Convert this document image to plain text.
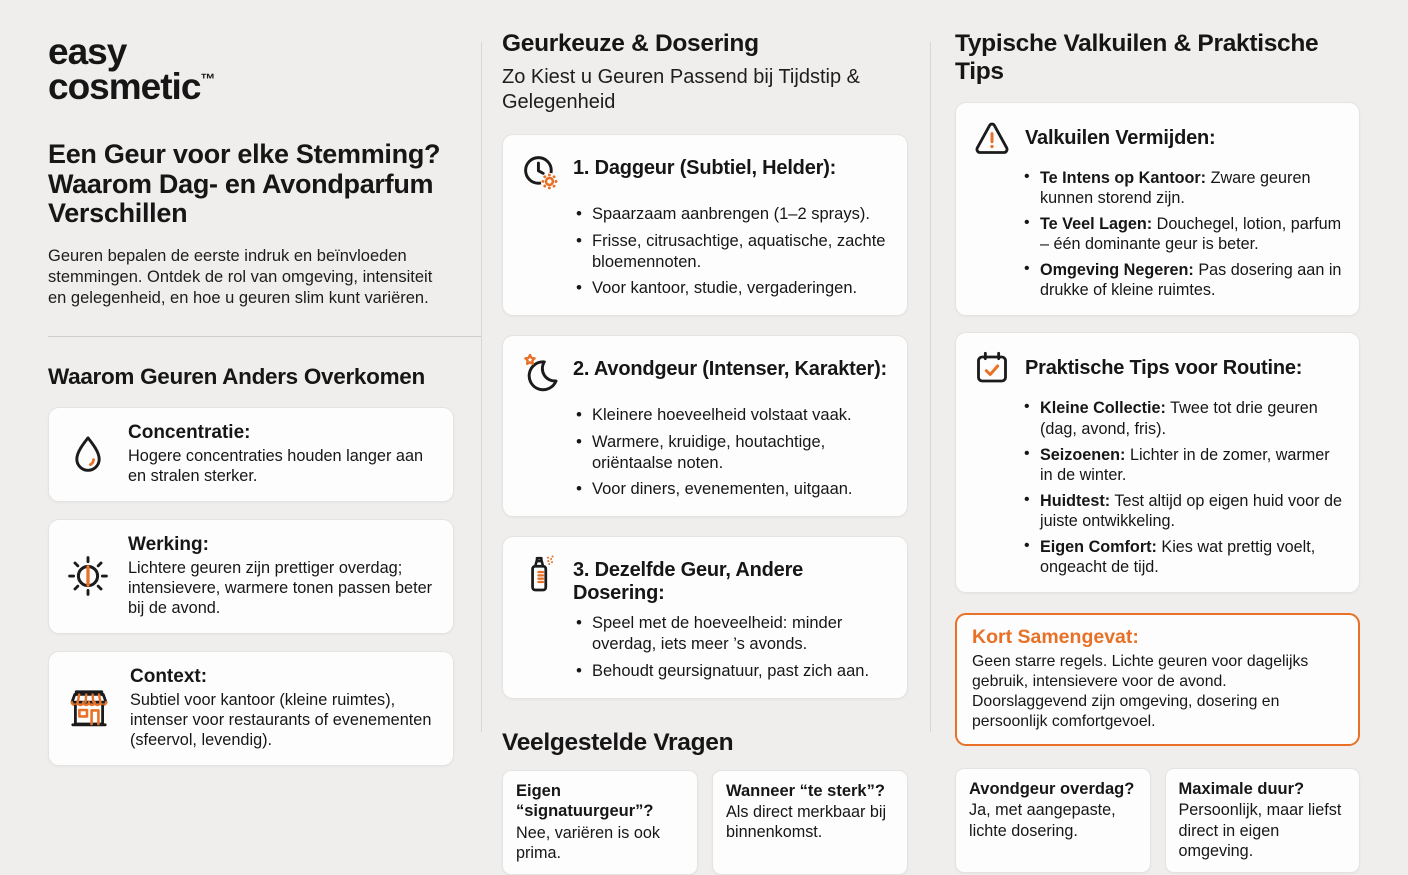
easy
cosmetic™
Een Geur voor elke Stemming? Waarom Dag- en Avondparfum Verschillen

Geuren bepalen de eerste indruk en beïnvloeden stemmingen. Ontdek de rol van omgeving, intensiteit en gelegenheid, en hoe u geuren slim kunt variëren.

Waarom Geuren Anders Overkomen
Concentratie:

Hogere concentraties houden langer aan en stralen sterker.

Werking:

Lichtere geuren zijn prettiger overdag; intensievere, warmere tonen passen beter bij de avond.

Context:

Subtiel voor kantoor (kleine ruimtes), intenser voor restaurants of evenementen (sfeervol, levendig).

Geurkeuze & Dosering

Zo Kiest u Geuren Passend bij Tijdstip & Gelegenheid

1. Daggeur (Subtiel, Helder):
• Spaarzaam aanbrengen (1–2 sprays).
• Frisse, citrusachtige, aquatische, zachte bloemennoten.
• Voor kantoor, studie, vergaderingen.
2. Avondgeur (Intenser, Karakter):
• Kleinere hoeveelheid volstaat vaak.
• Warmere, kruidige, houtachtige, oriëntaalse noten.
• Voor diners, evenementen, uitgaan.
3. Dezelfde Geur, Andere Dosering:
• Speel met de hoeveelheid: minder overdag, iets meer ’s avonds.
• Behoudt geursignatuur, past zich aan.
Veelgestelde Vragen
Eigen “signatuurgeur”?
Nee, variëren is ook prima.
Wanneer “te sterk”?
Als direct merkbaar bij binnenkomst.
Typische Valkuilen & Praktische Tips
Valkuilen Vermijden:
• Te Intens op Kantoor: Zware geuren kunnen storend zijn.
• Te Veel Lagen: Douchegel, lotion, parfum – één dominante geur is beter.
• Omgeving Negeren: Pas dosering aan in drukke of kleine ruimtes.
Praktische Tips voor Routine:
• Kleine Collectie: Twee tot drie geuren (dag, avond, fris).
• Seizoenen: Lichter in de zomer, warmer in de winter.
• Huidtest: Test altijd op eigen huid voor de juiste ontwikkeling.
• Eigen Comfort: Kies wat prettig voelt, ongeacht de tijd.
Kort Samengevat:

Geen starre regels. Lichte geuren voor dagelijks gebruik, intensievere voor de avond. Doorslaggevend zijn omgeving, dosering en persoonlijk comfortgevoel.

Avondgeur overdag?
Ja, met aangepaste, lichte dosering.
Maximale duur?
Persoonlijk, maar liefst direct in eigen omgeving.
